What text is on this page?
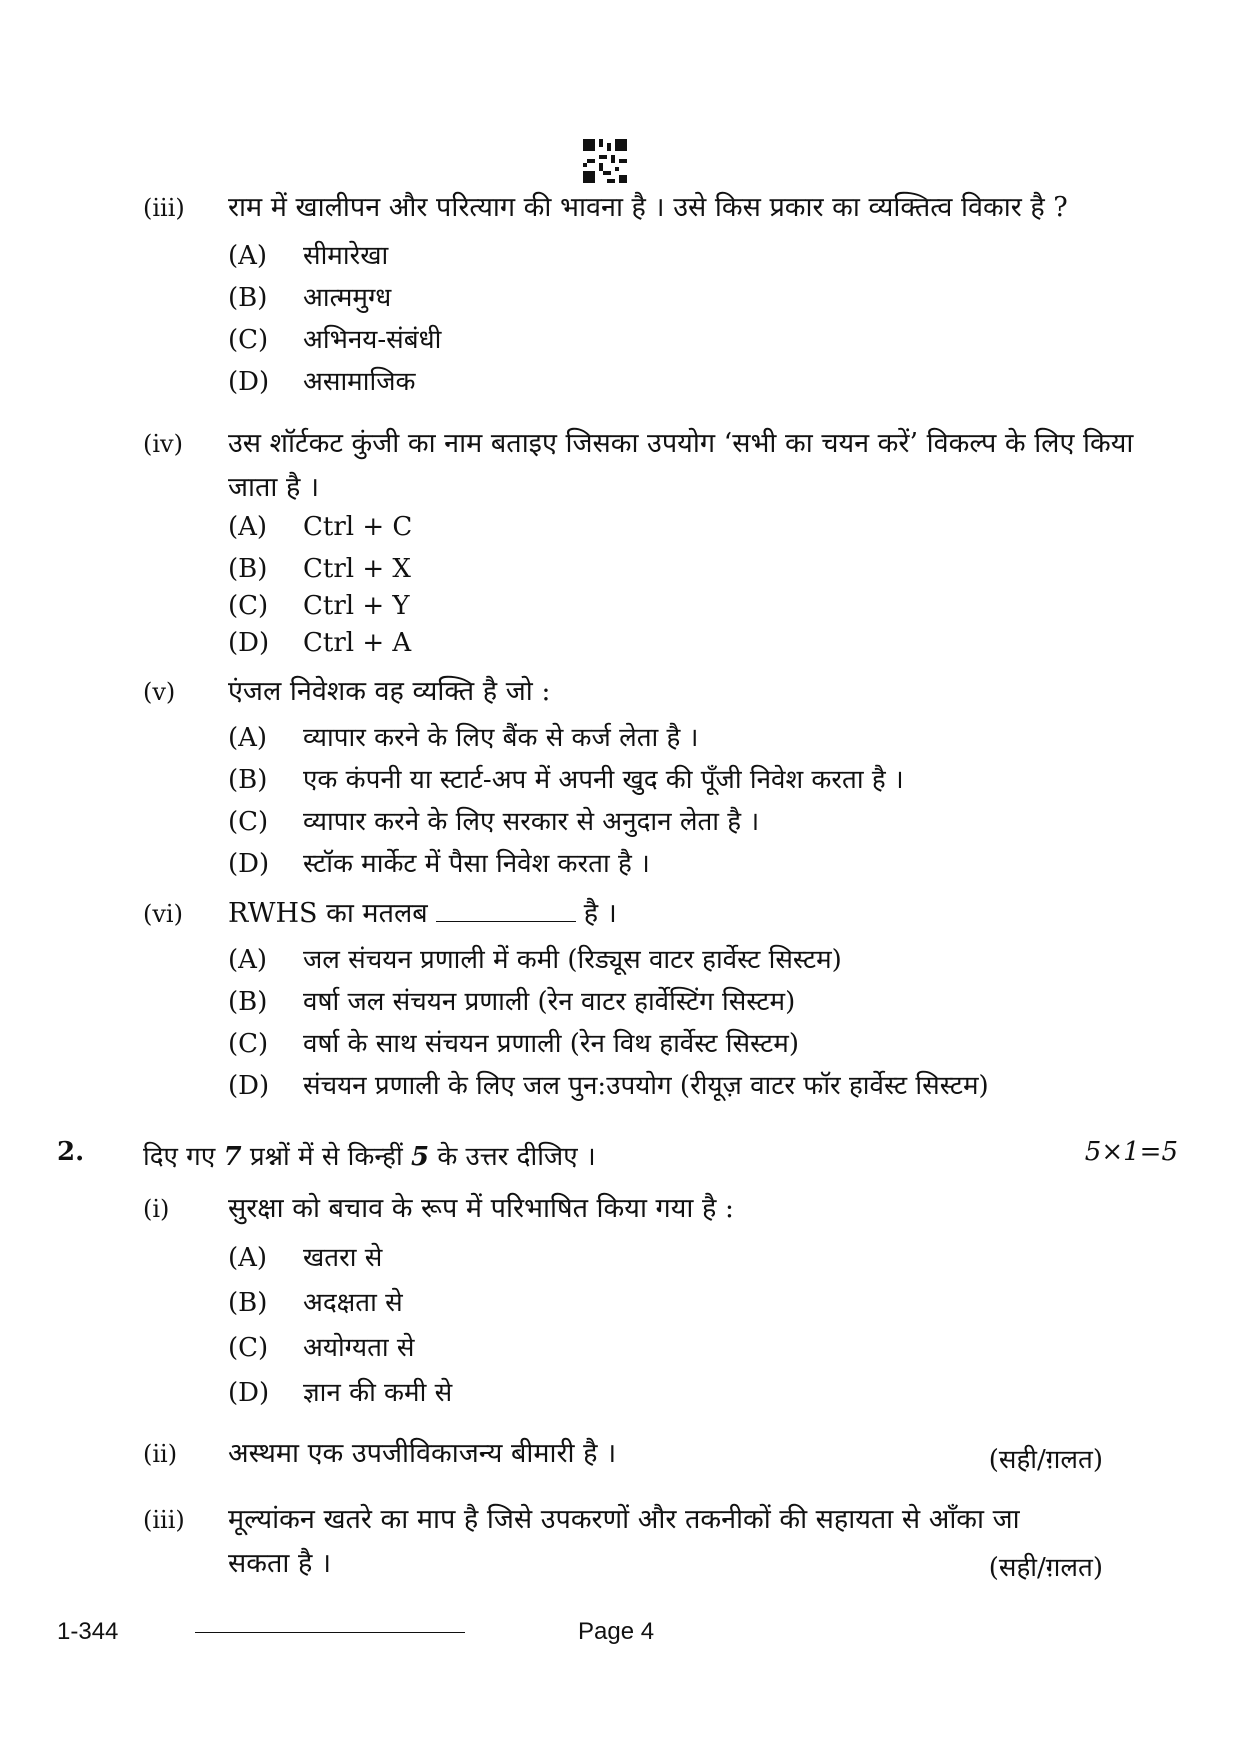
(iii) राम में खालीपन और परित्याग की भावना है । उसे किस प्रकार का व्यक्तित्व विकार है ?
(A) सीमारेखा
(B) आत्ममुग्ध
(C) अभिनय-संबंधी
(D) असामाजिक
(iv) उस शॉर्टकट कुंजी का नाम बताइए जिसका उपयोग ‘सभी का चयन करें’ विकल्प के लिए किया जाता है ।
(A) Ctrl + C
(B) Ctrl + X
(C) Ctrl + Y
(D) Ctrl + A
(v) एंजल निवेशक वह व्यक्ति है जो :
(A) व्यापार करने के लिए बैंक से कर्ज लेता है ।
(B) एक कंपनी या स्टार्ट-अप में अपनी खुद की पूँजी निवेश करता है ।
(C) व्यापार करने के लिए सरकार से अनुदान लेता है ।
(D) स्टॉक मार्केट में पैसा निवेश करता है ।
(vi) RWHS का मतलब	है ।
(A) जल संचयन प्रणाली में कमी (रिड्यूस वाटर हार्वेस्ट सिस्टम)
(B) वर्षा जल संचयन प्रणाली (रेन वाटर हार्वेस्टिंग सिस्टम)
(C) वर्षा के साथ संचयन प्रणाली (रेन विथ हार्वेस्ट सिस्टम)
(D) संचयन प्रणाली के लिए जल पुन:उपयोग (रीयूज़ वाटर फॉर हार्वेस्ट सिस्टम)
2. दिए गए 7 प्रश्नों में से किन्हीं 5 के उत्तर दीजिए ।	5×1=5
(i) सुरक्षा को बचाव के रूप में परिभाषित किया गया है :
(A) खतरा से
(B) अदक्षता से
(C) अयोग्यता से
(D) ज्ञान की कमी से
(ii) अस्थमा एक उपजीविकाजन्य बीमारी है ।	(सही/ग़लत)
(iii) मूल्यांकन खतरे का माप है जिसे उपकरणों और तकनीकों की सहायता से आँका जा
सकता है ।	(सही/ग़लत)
1-344	Page 4
